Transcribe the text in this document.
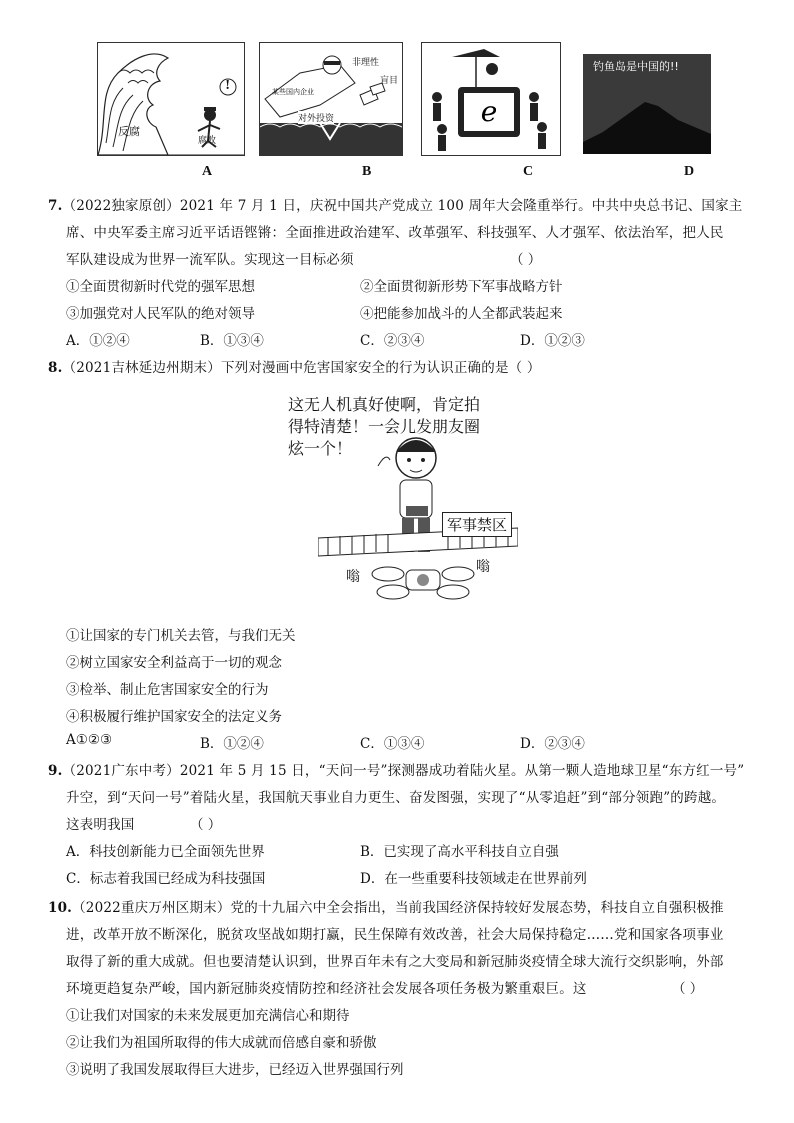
!
反腐
腐败
非理性
盲目
对外投资
某些国内企业
e
钓鱼岛是中国的!!
A	B	C	D
7.（2022独家原创）2021 年 7 月 1 日，庆祝中国共产党成立 100 周年大会隆重举行。中共中央总书记、国家主
席、中央军委主席习近平话语铿锵：全面推进政治建军、改革强军、科技强军、人才强军、依法治军，把人民
军队建设成为世界一流军队。实现这一目标必须	（ ）
①全面贯彻新时代党的强军思想	②全面贯彻新形势下军事战略方针
③加强党对人民军队的绝对领导	④把能参加战斗的人全都武装起来
A．①②④	B．①③④	C．②③④	D．①②③
8.（2021吉林延边州期末）下列对漫画中危害国家安全的行为认识正确的是（ ）
这无人机真好使啊，肯定拍
得特清楚！一会儿发朋友圈
炫一个！
军事禁区
嗡
嗡
①让国家的专门机关去管，与我们无关
②树立国家安全利益高于一切的观念
③检举、制止危害国家安全的行为
④积极履行维护国家安全的法定义务
A①②③	B．①②④	C．①③④	D．②③④
9.（2021广东中考）2021 年 5 月 15 日，“天问一号”探测器成功着陆火星。从第一颗人造地球卫星“东方红一号”
升空，到“天问一号”着陆火星，我国航天事业自力更生、奋发图强，实现了“从零追赶”到“部分领跑”的跨越。
这表明我国	（ ）
A．科技创新能力已全面领先世界	B．已实现了高水平科技自立自强
C．标志着我国已经成为科技强国	D．在一些重要科技领域走在世界前列
10.（2022重庆万州区期末）党的十九届六中全会指出，当前我国经济保持较好发展态势，科技自立自强积极推
进，改革开放不断深化，脱贫攻坚战如期打赢，民生保障有效改善，社会大局保持稳定……党和国家各项事业
取得了新的重大成就。但也要清楚认识到，世界百年未有之大变局和新冠肺炎疫情全球大流行交织影响，外部
环境更趋复杂严峻，国内新冠肺炎疫情防控和经济社会发展各项任务极为繁重艰巨。这	（ ）
①让我们对国家的未来发展更加充满信心和期待
②让我们为祖国所取得的伟大成就而倍感自豪和骄傲
③说明了我国发展取得巨大进步，已经迈入世界强国行列
